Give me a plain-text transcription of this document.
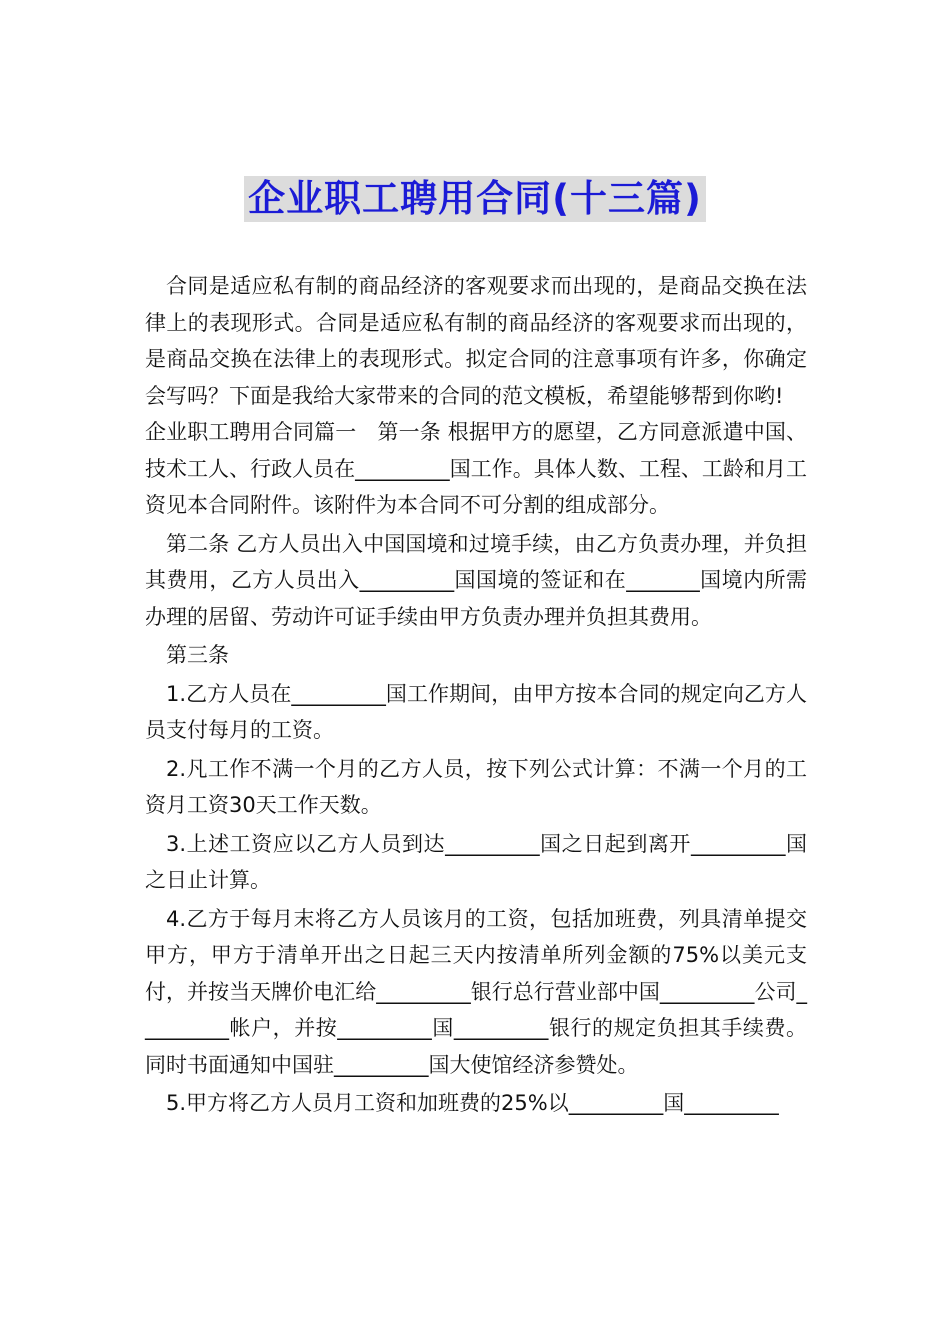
企业职工聘用合同(十三篇)

合同是适应私有制的商品经济的客观要求而出现的，是商品交换在法律上的表现形式。合同是适应私有制的商品经济的客观要求而出现的，是商品交换在法律上的表现形式。拟定合同的注意事项有许多，你确定会写吗？下面是我给大家带来的合同的范文模板，希望能够帮到你哟!

企业职工聘用合同篇一　第一条 根据甲方的愿望，乙方同意派遣中国、技术工人、行政人员在_________国工作。具体人数、工程、工龄和月工资见本合同附件。该附件为本合同不可分割的组成部分。

第二条 乙方人员出入中国国境和过境手续，由乙方负责办理，并负担其费用，乙方人员出入_________国国境的签证和在_______国境内所需办理的居留、劳动许可证手续由甲方负责办理并负担其费用。

第三条

1.乙方人员在_________国工作期间，由甲方按本合同的规定向乙方人员支付每月的工资。

2.凡工作不满一个月的乙方人员，按下列公式计算：不满一个月的工资月工资30天工作天数。

3.上述工资应以乙方人员到达_________国之日起到离开_________国之日止计算。

4.乙方于每月末将乙方人员该月的工资，包括加班费，列具清单提交甲方，甲方于清单开出之日起三天内按清单所列金额的75%以美元支付，并按当天牌价电汇给_________银行总行营业部中国_________公司_________帐户，并按_________国_________银行的规定负担其手续费。同时书面通知中国驻_________国大使馆经济参赞处。

5.甲方将乙方人员月工资和加班费的25%以_________国_________
